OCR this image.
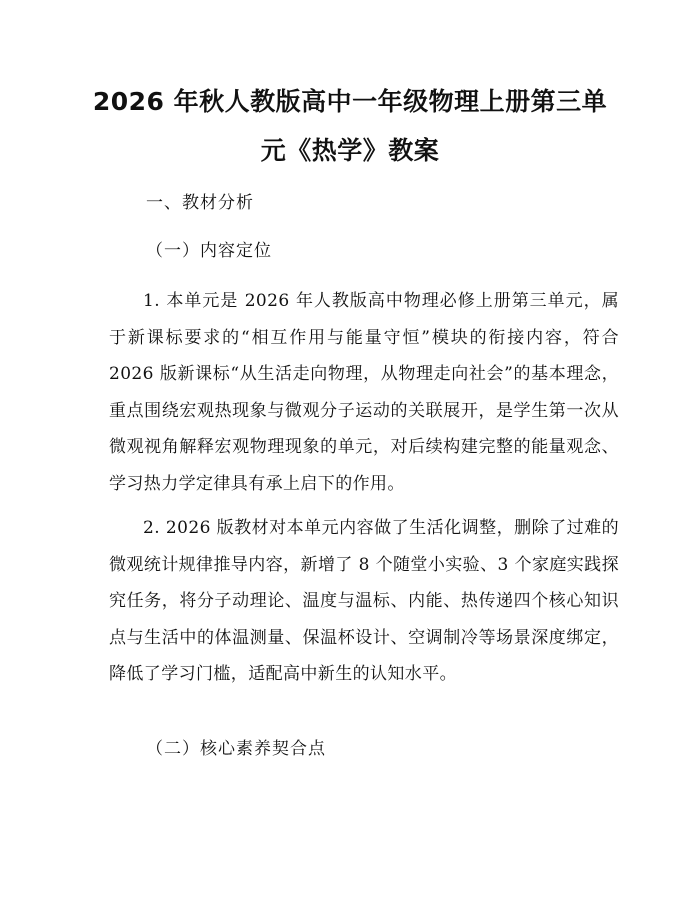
2026 年秋人教版高中一年级物理上册第三单
元《热学》教案

一、教材分析

（一）内容定位

1. 本单元是 2026 年人教版高中物理必修上册第三单元，属于新课标要求的“相互作用与能量守恒”模块的衔接内容，符合 2026 版新课标“从生活走向物理，从物理走向社会”的基本理念，重点围绕宏观热现象与微观分子运动的关联展开，是学生第一次从微观视角解释宏观物理现象的单元，对后续构建完整的能量观念、学习热力学定律具有承上启下的作用。

2. 2026 版教材对本单元内容做了生活化调整，删除了过难的微观统计规律推导内容，新增了 8 个随堂小实验、3 个家庭实践探究任务，将分子动理论、温度与温标、内能、热传递四个核心知识点与生活中的体温测量、保温杯设计、空调制冷等场景深度绑定，降低了学习门槛，适配高中新生的认知水平。

（二）核心素养契合点
